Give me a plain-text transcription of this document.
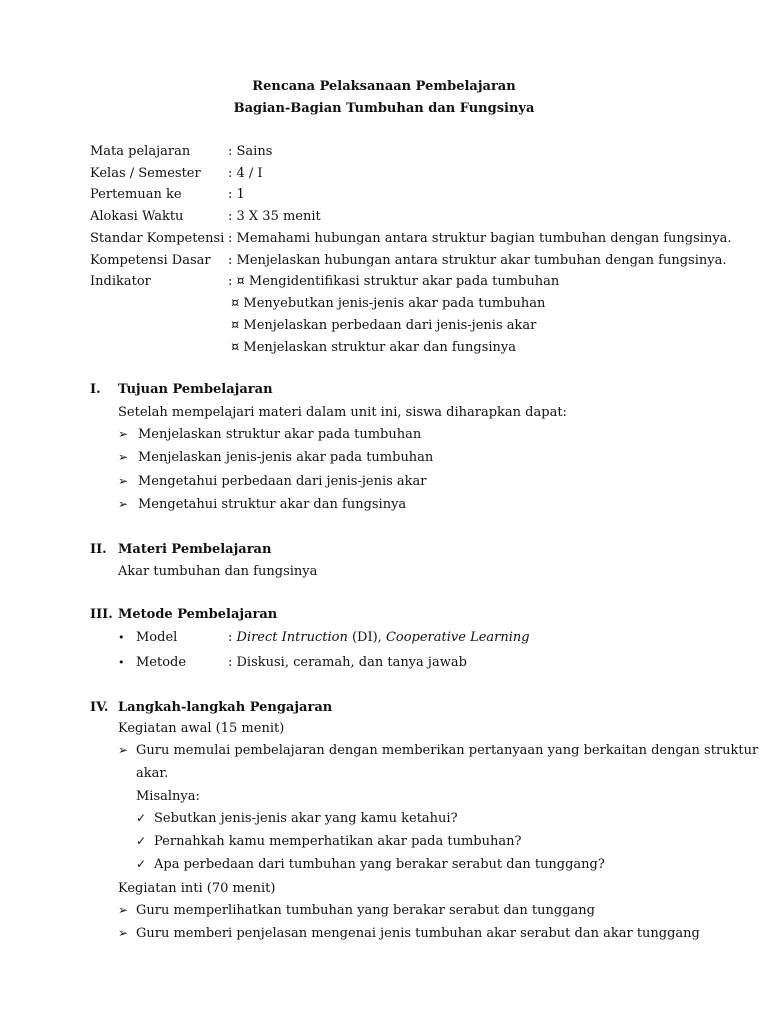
Rencana Pelaksanaan Pembelajaran
Bagian-Bagian Tumbuhan dan Fungsinya
Mata pelajaran	: Sains
Kelas / Semester : 4 / I
Pertemuan ke	: 1
Alokasi Waktu	: 3 X 35 menit
Standar Kompetensi : Memahami hubungan antara struktur bagian tumbuhan dengan fungsinya.
Kompetensi Dasar : Menjelaskan hubungan antara struktur akar tumbuhan dengan fungsinya.
Indikator	: ¤ Mengidentifikasi struktur akar pada tumbuhan
¤ Menyebutkan jenis-jenis akar pada tumbuhan
¤ Menjelaskan perbedaan dari jenis-jenis akar
¤ Menjelaskan struktur akar dan fungsinya
I. Tujuan Pembelajaran
Setelah mempelajari materi dalam unit ini, siswa diharapkan dapat:
➢ Menjelaskan struktur akar pada tumbuhan
➢ Menjelaskan jenis-jenis akar pada tumbuhan
➢ Mengetahui perbedaan dari jenis-jenis akar
➢ Mengetahui struktur akar dan fungsinya
II. Materi Pembelajaran
Akar tumbuhan dan fungsinya
III. Metode Pembelajaran
• Model	: Direct Intruction (DI), Cooperative Learning
• Metode	: Diskusi, ceramah, dan tanya jawab
IV. Langkah-langkah Pengajaran
Kegiatan awal (15 menit)
➢ Guru memulai pembelajaran dengan memberikan pertanyaan yang berkaitan dengan struktur
akar.
Misalnya:
✓ Sebutkan jenis-jenis akar yang kamu ketahui?
✓ Pernahkah kamu memperhatikan akar pada tumbuhan?
✓ Apa perbedaan dari tumbuhan yang berakar serabut dan tunggang?
Kegiatan inti (70 menit)
➢ Guru memperlihatkan tumbuhan yang berakar serabut dan tunggang
➢ Guru memberi penjelasan mengenai jenis tumbuhan akar serabut dan akar tunggang
